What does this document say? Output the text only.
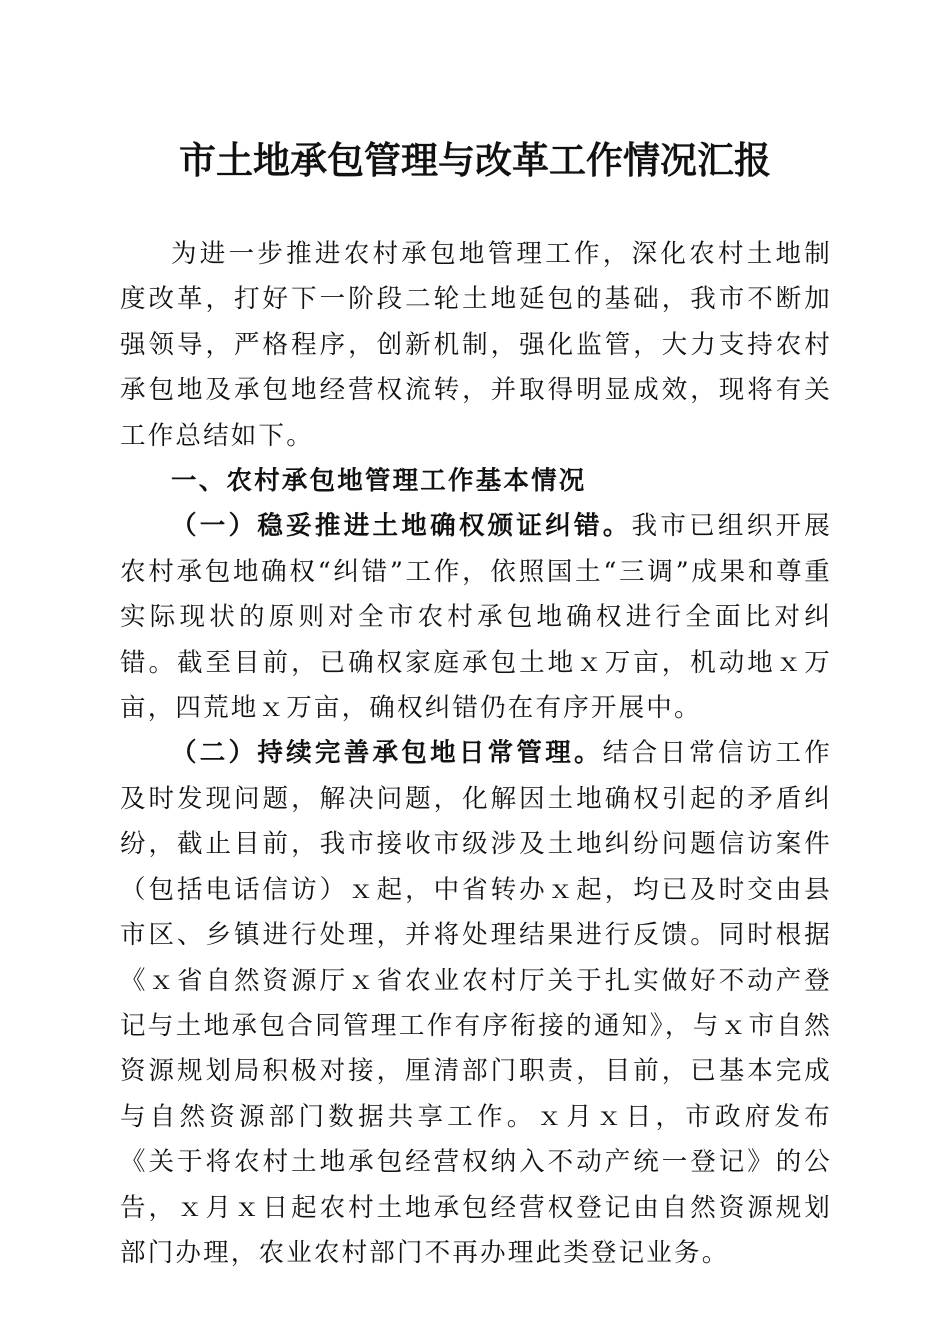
市土地承包管理与改革工作情况汇报

为进一步推进农村承包地管理工作，深化农村土地制度改革，打好下一阶段二轮土地延包的基础，我市不断加强领导，严格程序，创新机制，强化监管，大力支持农村承包地及承包地经营权流转，并取得明显成效，现将有关工作总结如下。

一、农村承包地管理工作基本情况

（一）稳妥推进土地确权颁证纠错。我市已组织开展农村承包地确权“纠错”工作，依照国土“三调”成果和尊重实际现状的原则对全市农村承包地确权进行全面比对纠错。截至目前，已确权家庭承包土地ｘ万亩，机动地ｘ万亩，四荒地ｘ万亩，确权纠错仍在有序开展中。

（二）持续完善承包地日常管理。结合日常信访工作及时发现问题，解决问题，化解因土地确权引起的矛盾纠纷，截止目前，我市接收市级涉及土地纠纷问题信访案件（包括电话信访）ｘ起，中省转办ｘ起，均已及时交由县市区、乡镇进行处理，并将处理结果进行反馈。同时根据《ｘ省自然资源厅ｘ省农业农村厅关于扎实做好不动产登记与土地承包合同管理工作有序衔接的通知》，与ｘ市自然资源规划局积极对接，厘清部门职责，目前，已基本完成与自然资源部门数据共享工作。ｘ月ｘ日，市政府发布《关于将农村土地承包经营权纳入不动产统一登记》的公告，ｘ月ｘ日起农村土地承包经营权登记由自然资源规划部门办理，农业农村部门不再办理此类登记业务。
